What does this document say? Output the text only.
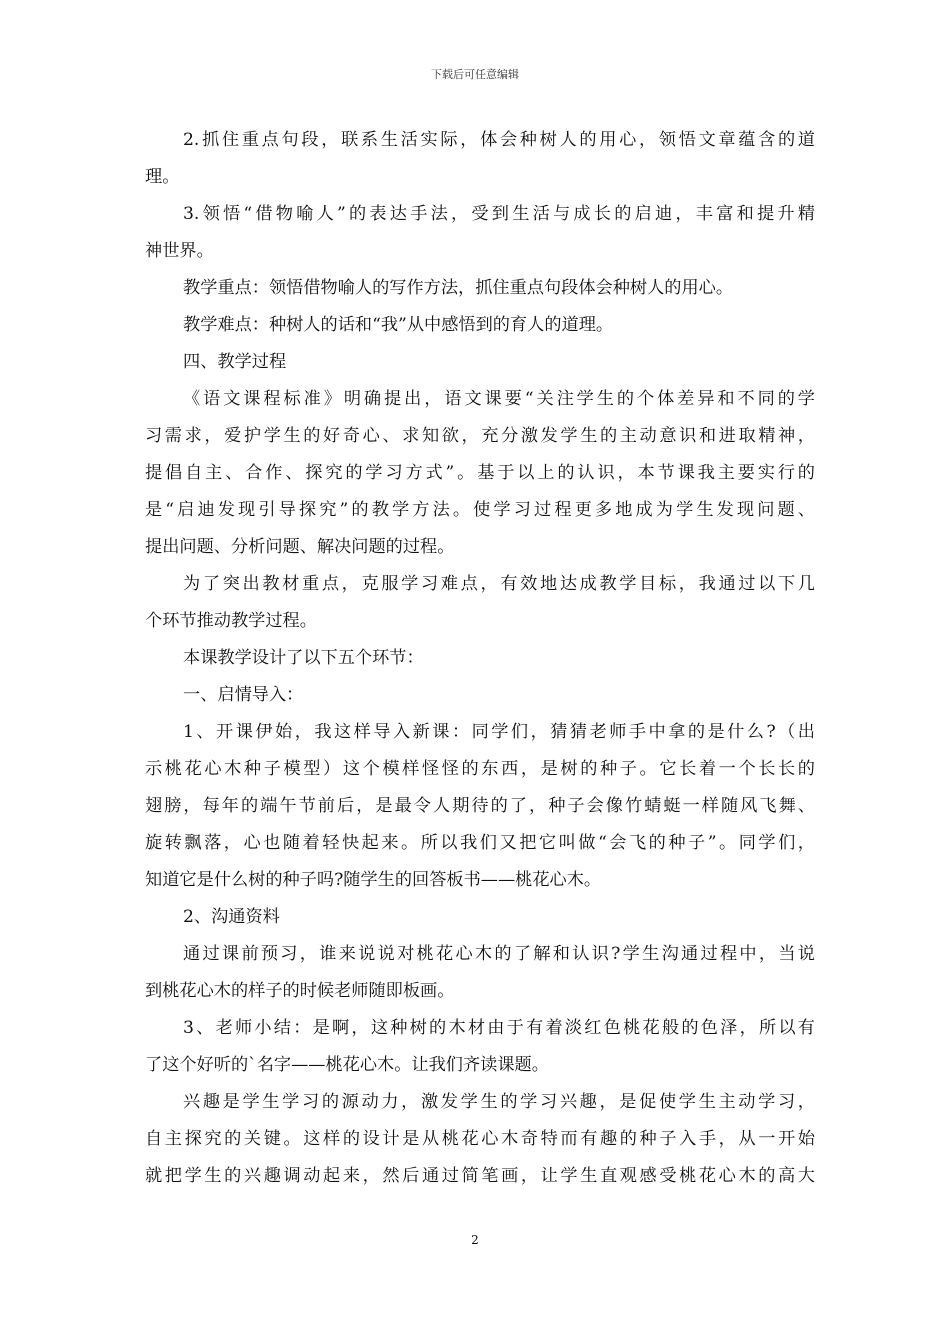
下载后可任意编辑
2.抓住重点句段，联系生活实际，体会种树人的用心，领悟文章蕴含的道
理。
3.领悟“借物喻人”的表达手法，受到生活与成长的启迪，丰富和提升精
神世界。
教学重点：领悟借物喻人的写作方法，抓住重点句段体会种树人的用心。
教学难点：种树人的话和“我”从中感悟到的育人的道理。
四、教学过程
《语文课程标准》明确提出，语文课要“关注学生的个体差异和不同的学
习需求，爱护学生的好奇心、求知欲，充分激发学生的主动意识和进取精神，
提倡自主、合作、探究的学习方式”。基于以上的认识，本节课我主要实行的
是“启迪发现引导探究”的教学方法。使学习过程更多地成为学生发现问题、
提出问题、分析问题、解决问题的过程。
为了突出教材重点，克服学习难点，有效地达成教学目标，我通过以下几
个环节推动教学过程。
本课教学设计了以下五个环节：
一、启情导入：
1、开课伊始，我这样导入新课：同学们，猜猜老师手中拿的是什么?（出
示桃花心木种子模型）这个模样怪怪的东西，是树的种子。它长着一个长长的
翅膀，每年的端午节前后，是最令人期待的了，种子会像竹蜻蜓一样随风飞舞、
旋转飘落，心也随着轻快起来。所以我们又把它叫做“会飞的种子”。同学们，
知道它是什么树的种子吗?随学生的回答板书——桃花心木。
2、沟通资料
通过课前预习，谁来说说对桃花心木的了解和认识?学生沟通过程中，当说
到桃花心木的样子的时候老师随即板画。
3、老师小结：是啊，这种树的木材由于有着淡红色桃花般的色泽，所以有
了这个好听的`名字——桃花心木。让我们齐读课题。
兴趣是学生学习的源动力，激发学生的学习兴趣，是促使学生主动学习，
自主探究的关键。这样的设计是从桃花心木奇特而有趣的种子入手，从一开始
就把学生的兴趣调动起来，然后通过简笔画，让学生直观感受桃花心木的高大
2
